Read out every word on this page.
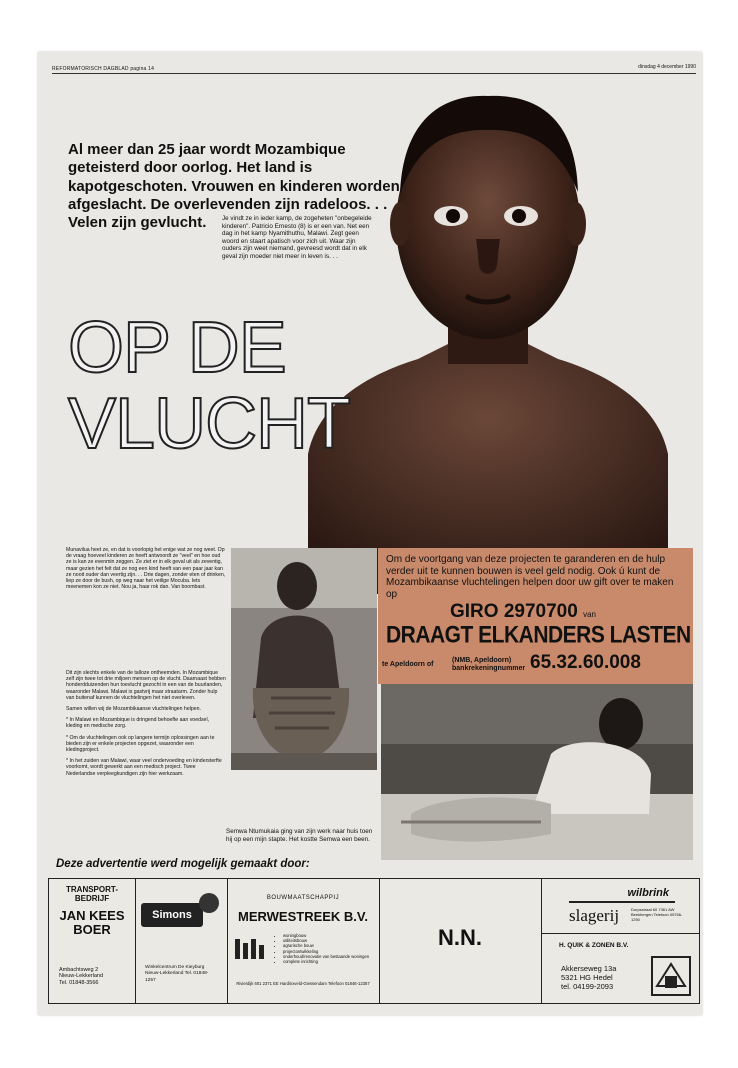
REFORMATORISCH DAGBLAD pagina 14	dinsdag 4 december 1990
Al meer dan 25 jaar wordt Mozambique geteisterd door oorlog. Het land is kapotgeschoten. Vrouwen en kinderen worden afgeslacht. De overlevenden zijn radeloos. . . Velen zijn gevlucht.	Je vindt ze in ieder kamp, de zogeheten "onbegeleide kinderen". Patricio Ernesto (8) is er een van. Net een dag in het kamp Nyamithuthu, Malawi. Zegt geen woord en staart apatisch voor zich uit. Waar zijn ouders zijn weet niemand, gevreesd wordt dat in elk geval zijn moeder niet meer in leven is. . .
OP DE
VLUCHT
Munavilua heet ze, en dat is voorlopig het enige wat ze nog weet. Op de vraag hoeveel kinderen ze heeft antwoordt ze "veel" en hoe oud ze is kan ze evenmin zeggen. Ze ziet er in elk geval uit als zeventig, maar gezien het feit dat ze nog een kind heeft van een paar jaar kan ze nooit ouder dan veertig zijn. . . Drie dagen, zonder eten of drinken, liep ze door de bush, op weg naar het veilige Mocuba. Iets meenemen kon ze niet. Nou ja, haar rok dan. Van boombast.

Dit zijn slechts enkele van de talloze ontheemden. In Mozambique zelf zijn twee tot drie miljoen mensen op de vlucht. Daarnaast hebben honderdduizenden hun toevlucht gezocht in een van de buurlanden, waaronder Malawi. Malawi is gastvrij maar straatarm. Zonder hulp van buitenaf kunnen de vluchtelingen het niet overleven.

Samen willen wij de Mozambikaanse vluchtelingen helpen.

* In Malawi en Mozambique is dringend behoefte aan voedsel, kleding en medische zorg.

* Om de vluchtelingen ook op langere termijn oplossingen aan te bieden zijn er enkele projecten opgezet, waaronder een kledingproject.

* In het zuiden van Malawi, waar veel ondervoeding en kindersterfte voorkomt, wordt gewerkt aan een medisch project. Twee Nederlandse verpleegkundigen zijn hier werkzaam.

Om de voortgang van deze projecten te garanderen en de hulp verder uit te kunnen bouwen is veel geld nodig. Ook ú kunt de Mozambikaanse vluchtelingen helpen door uw gift over te maken op
GIRO 2970700 van
DRAAGT ELKANDERS LASTEN
te Apeldoorn of
(NMB, Apeldoorn)
bankrekeningnummer 65.32.60.008
Semwa Ntumukaia ging van zijn werk naar huis toen hij op een mijn stapte. Het kostte Semwa een been.
Deze advertentie werd mogelijk gemaakt door:
TRANSPORT-BEDRIJF
JAN KEES BOER
Ambachtsweg 2
Nieuw-Lekkerland
Tel. 01848-3566
Simons
Winkelcentrum De Kieyburg Nieuw-Lekkerland Tel. 01848-1257
BOUWMAATSCHAPPIJ
MERWESTREEK B.V.
• woningbouw
• utiliteitsbouw
• agrarische bouw
• projectontwikkeling
• onderhoud/renovatie van bestaande woningen
• complete inrichting
Rivierdijk 601 2371 EE Hardinxveld-Giessendam Telefoon 01846-12357
N.N.
wilbrink
slagerij	Dorpsstraat 60 7361 AW Beekbergen Telefoon 05766-1250
H. QUIK & ZONEN B.V.
Akkerseweg 13a
5321 HG Hedel
tel. 04199-2093
